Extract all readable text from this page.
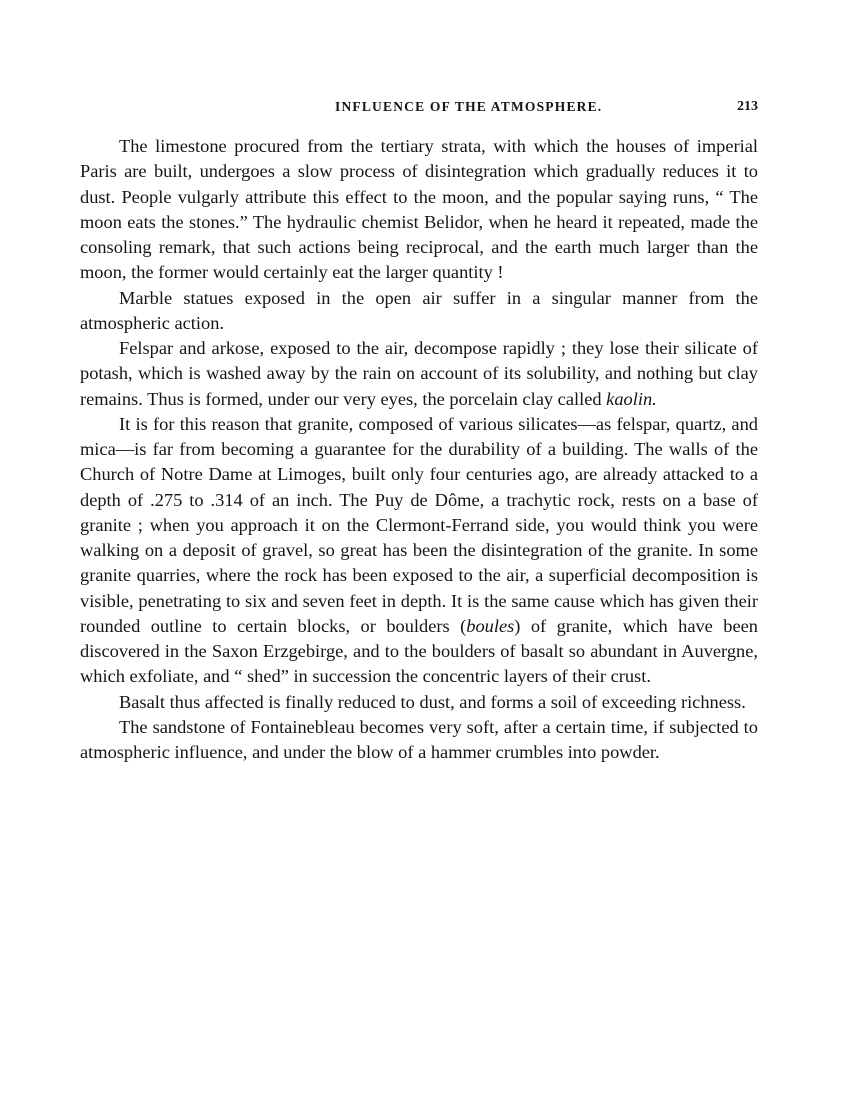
INFLUENCE OF THE ATMOSPHERE.	213

The limestone procured from the tertiary strata, with which the houses of imperial Paris are built, undergoes a slow process of disintegration which gradually reduces it to dust. People vulgarly attribute this effect to the moon, and the popular saying runs, “ The moon eats the stones.” The hydraulic chemist Belidor, when he heard it repeated, made the consoling remark, that such actions being reciprocal, and the earth much larger than the moon, the former would certainly eat the larger quantity !

Marble statues exposed in the open air suffer in a singular manner from the atmospheric action.

Felspar and arkose, exposed to the air, decompose rapidly ; they lose their silicate of potash, which is washed away by the rain on account of its solubility, and nothing but clay remains. Thus is formed, under our very eyes, the porcelain clay called kaolin.

It is for this reason that granite, composed of various silicates—as felspar, quartz, and mica—is far from becoming a guarantee for the durability of a building. The walls of the Church of Notre Dame at Limoges, built only four centuries ago, are already attacked to a depth of .275 to .314 of an inch. The Puy de Dôme, a trachytic rock, rests on a base of granite ; when you approach it on the Clermont-Ferrand side, you would think you were walking on a deposit of gravel, so great has been the disintegration of the granite. In some granite quarries, where the rock has been exposed to the air, a superficial decomposition is visible, penetrating to six and seven feet in depth. It is the same cause which has given their rounded outline to certain blocks, or boulders (boules) of granite, which have been discovered in the Saxon Erzgebirge, and to the boulders of basalt so abundant in Auvergne, which exfoliate, and “ shed” in succession the concentric layers of their crust.

Basalt thus affected is finally reduced to dust, and forms a soil of exceeding richness.

The sandstone of Fontainebleau becomes very soft, after a certain time, if subjected to atmospheric influence, and under the blow of a hammer crumbles into powder.
